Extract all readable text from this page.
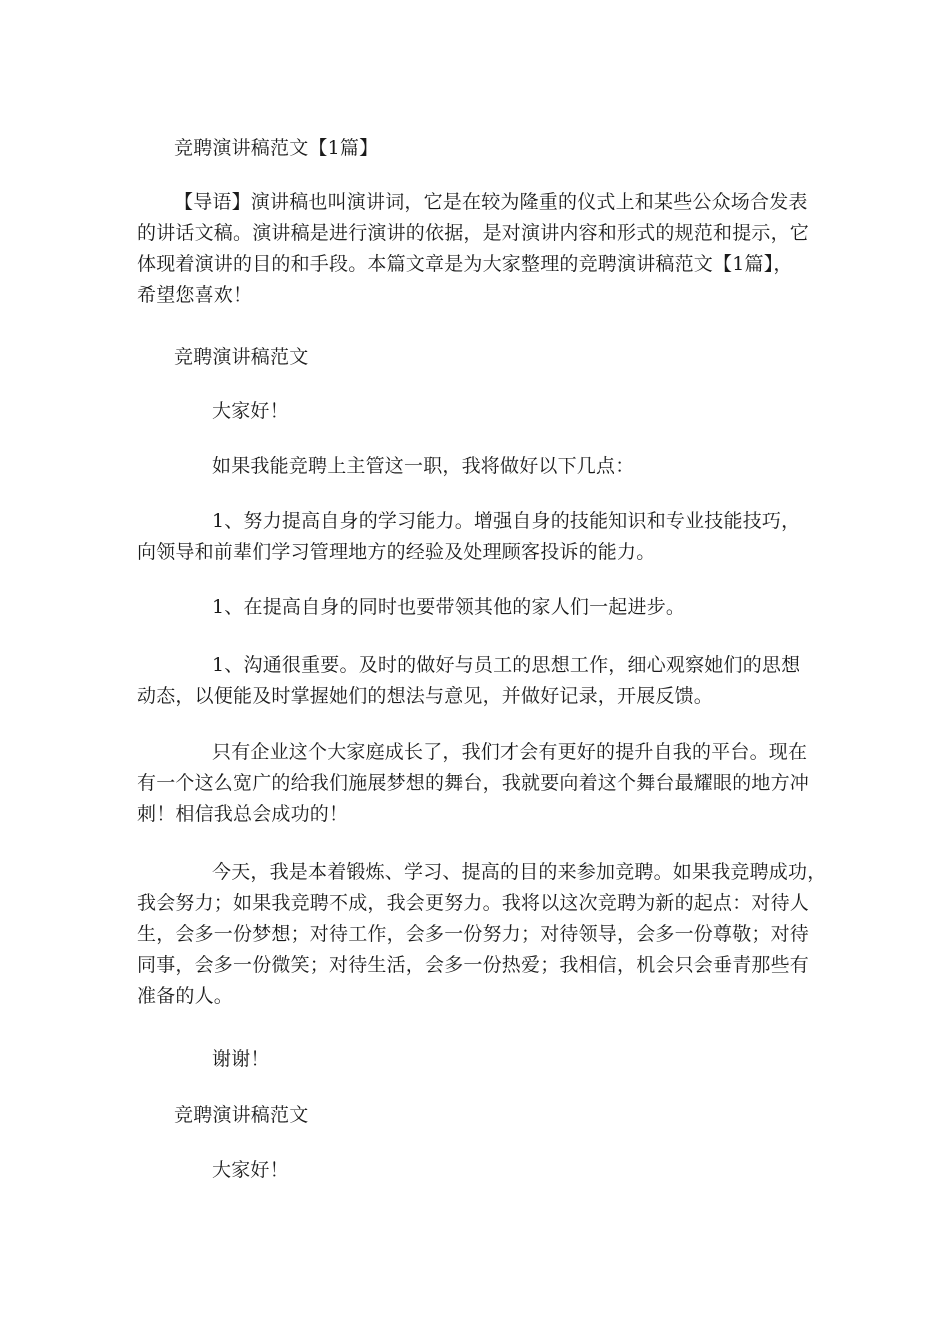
竞聘演讲稿范文【1篇】

【导语】演讲稿也叫演讲词，它是在较为隆重的仪式上和某些公众场合发表
的讲话文稿。演讲稿是进行演讲的依据，是对演讲内容和形式的规范和提示，它
体现着演讲的目的和手段。本篇文章是为大家整理的竞聘演讲稿范文【1篇】，
希望您喜欢！

竞聘演讲稿范文

大家好！

如果我能竞聘上主管这一职，我将做好以下几点：

1、努力提高自身的学习能力。增强自身的技能知识和专业技能技巧，
向领导和前辈们学习管理地方的经验及处理顾客投诉的能力。

1、在提高自身的同时也要带领其他的家人们一起进步。

1、沟通很重要。及时的做好与员工的思想工作，细心观察她们的思想
动态，以便能及时掌握她们的想法与意见，并做好记录，开展反馈。
只有企业这个大家庭成长了，我们才会有更好的提升自我的平台。现在
有一个这么宽广的给我们施展梦想的舞台，我就要向着这个舞台最耀眼的地方冲
刺！相信我总会成功的！
今天，我是本着锻炼、学习、提高的目的来参加竞聘。如果我竞聘成功，
我会努力；如果我竞聘不成，我会更努力。我将以这次竞聘为新的起点：对待人
生，会多一份梦想；对待工作，会多一份努力；对待领导，会多一份尊敬；对待
同事，会多一份微笑；对待生活，会多一份热爱；我相信，机会只会垂青那些有
准备的人。

谢谢！

竞聘演讲稿范文

大家好！
